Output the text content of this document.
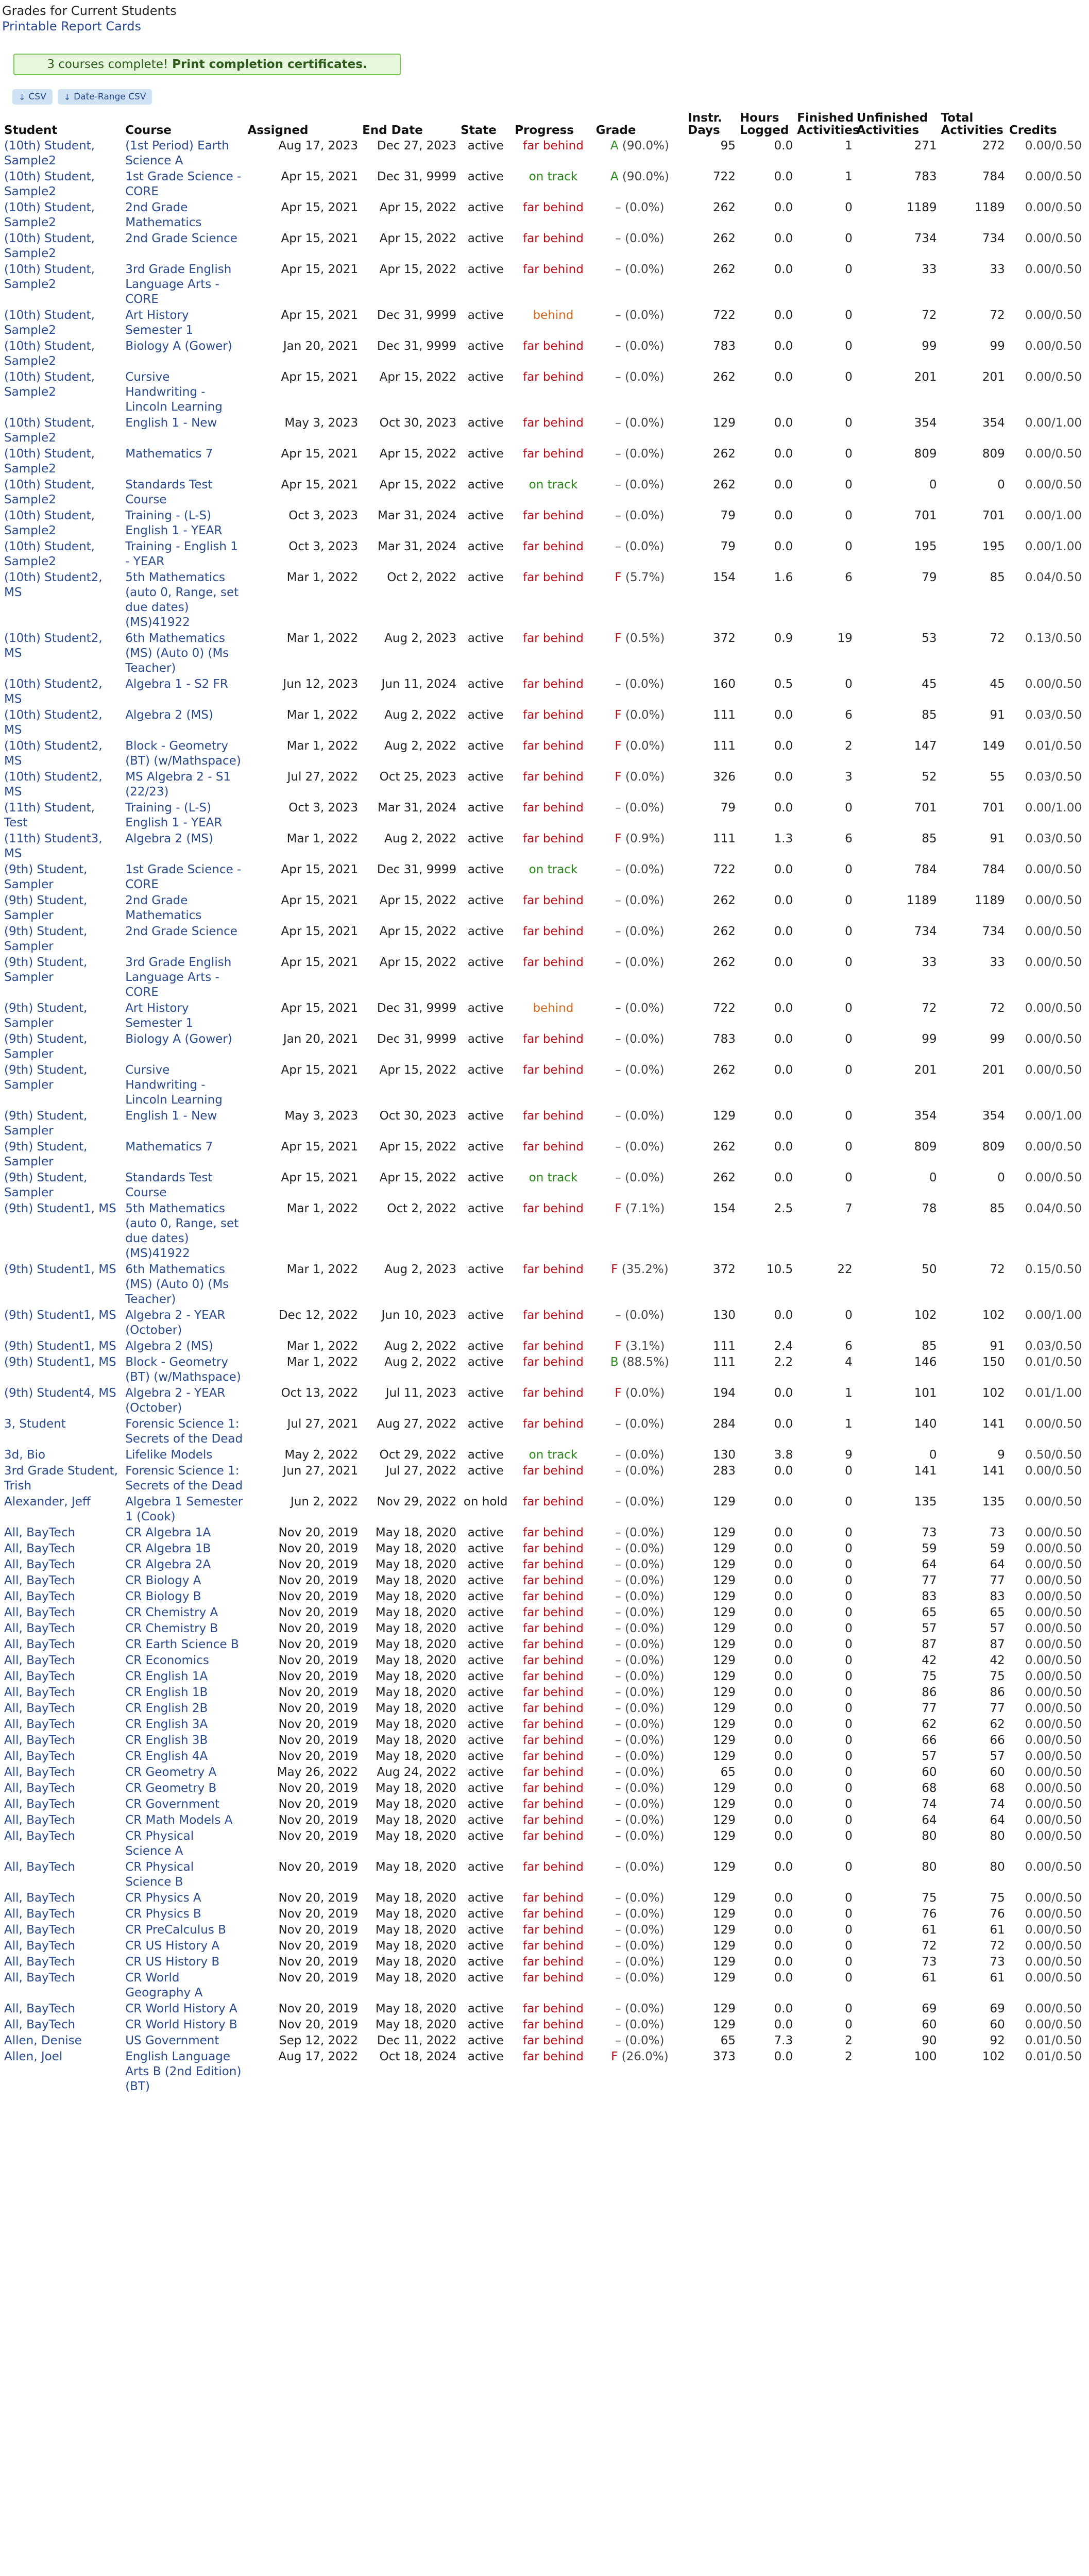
Grades for Current Students
Printable Report Cards
3 courses complete! Print completion certificates.
↓ CSV ↓ Date-Range CSV
Student	Course	Assigned	End Date	State	Progress	Grade	Instr. Days	Hours Logged	Finished Activities	Unfinished Activities	Total Activities	Credits
(10th) Student, Sample2	(1st Period) Earth Science A	Aug 17, 2023	Dec 27, 2023	active	far behind	A (90.0%)	95	0.0	1	271	272	0.00/0.50
(10th) Student, Sample2	1st Grade Science - CORE	Apr 15, 2021	Dec 31, 9999	active	on track	A (90.0%)	722	0.0	1	783	784	0.00/0.50
(10th) Student, Sample2	2nd Grade Mathematics	Apr 15, 2021	Apr 15, 2022	active	far behind	– (0.0%)	262	0.0	0	1189	1189	0.00/0.50
(10th) Student, Sample2	2nd Grade Science	Apr 15, 2021	Apr 15, 2022	active	far behind	– (0.0%)	262	0.0	0	734	734	0.00/0.50
(10th) Student, Sample2	3rd Grade English Language Arts - CORE	Apr 15, 2021	Apr 15, 2022	active	far behind	– (0.0%)	262	0.0	0	33	33	0.00/0.50
(10th) Student, Sample2	Art History Semester 1	Apr 15, 2021	Dec 31, 9999	active	behind	– (0.0%)	722	0.0	0	72	72	0.00/0.50
(10th) Student, Sample2	Biology A (Gower)	Jan 20, 2021	Dec 31, 9999	active	far behind	– (0.0%)	783	0.0	0	99	99	0.00/0.50
(10th) Student, Sample2	Cursive Handwriting - Lincoln Learning	Apr 15, 2021	Apr 15, 2022	active	far behind	– (0.0%)	262	0.0	0	201	201	0.00/0.50
(10th) Student, Sample2	English 1 - New	May 3, 2023	Oct 30, 2023	active	far behind	– (0.0%)	129	0.0	0	354	354	0.00/1.00
(10th) Student, Sample2	Mathematics 7	Apr 15, 2021	Apr 15, 2022	active	far behind	– (0.0%)	262	0.0	0	809	809	0.00/0.50
(10th) Student, Sample2	Standards Test Course	Apr 15, 2021	Apr 15, 2022	active	on track	– (0.0%)	262	0.0	0	0	0	0.00/0.50
(10th) Student, Sample2	Training - (L-S) English 1 - YEAR	Oct 3, 2023	Mar 31, 2024	active	far behind	– (0.0%)	79	0.0	0	701	701	0.00/1.00
(10th) Student, Sample2	Training - English 1 - YEAR	Oct 3, 2023	Mar 31, 2024	active	far behind	– (0.0%)	79	0.0	0	195	195	0.00/1.00
(10th) Student2, MS	5th Mathematics (auto 0, Range, set due dates) (MS)41922	Mar 1, 2022	Oct 2, 2022	active	far behind	F (5.7%)	154	1.6	6	79	85	0.04/0.50
(10th) Student2, MS	6th Mathematics (MS) (Auto 0) (Ms Teacher)	Mar 1, 2022	Aug 2, 2023	active	far behind	F (0.5%)	372	0.9	19	53	72	0.13/0.50
(10th) Student2, MS	Algebra 1 - S2 FR	Jun 12, 2023	Jun 11, 2024	active	far behind	– (0.0%)	160	0.5	0	45	45	0.00/0.50
(10th) Student2, MS	Algebra 2 (MS)	Mar 1, 2022	Aug 2, 2022	active	far behind	F (0.0%)	111	0.0	6	85	91	0.03/0.50
(10th) Student2, MS	Block - Geometry (BT) (w/Mathspace)	Mar 1, 2022	Aug 2, 2022	active	far behind	F (0.0%)	111	0.0	2	147	149	0.01/0.50
(10th) Student2, MS	MS Algebra 2 - S1 (22/23)	Jul 27, 2022	Oct 25, 2023	active	far behind	F (0.0%)	326	0.0	3	52	55	0.03/0.50
(11th) Student, Test	Training - (L-S) English 1 - YEAR	Oct 3, 2023	Mar 31, 2024	active	far behind	– (0.0%)	79	0.0	0	701	701	0.00/1.00
(11th) Student3, MS	Algebra 2 (MS)	Mar 1, 2022	Aug 2, 2022	active	far behind	F (0.9%)	111	1.3	6	85	91	0.03/0.50
(9th) Student, Sampler	1st Grade Science - CORE	Apr 15, 2021	Dec 31, 9999	active	on track	– (0.0%)	722	0.0	0	784	784	0.00/0.50
(9th) Student, Sampler	2nd Grade Mathematics	Apr 15, 2021	Apr 15, 2022	active	far behind	– (0.0%)	262	0.0	0	1189	1189	0.00/0.50
(9th) Student, Sampler	2nd Grade Science	Apr 15, 2021	Apr 15, 2022	active	far behind	– (0.0%)	262	0.0	0	734	734	0.00/0.50
(9th) Student, Sampler	3rd Grade English Language Arts - CORE	Apr 15, 2021	Apr 15, 2022	active	far behind	– (0.0%)	262	0.0	0	33	33	0.00/0.50
(9th) Student, Sampler	Art History Semester 1	Apr 15, 2021	Dec 31, 9999	active	behind	– (0.0%)	722	0.0	0	72	72	0.00/0.50
(9th) Student, Sampler	Biology A (Gower)	Jan 20, 2021	Dec 31, 9999	active	far behind	– (0.0%)	783	0.0	0	99	99	0.00/0.50
(9th) Student, Sampler	Cursive Handwriting - Lincoln Learning	Apr 15, 2021	Apr 15, 2022	active	far behind	– (0.0%)	262	0.0	0	201	201	0.00/0.50
(9th) Student, Sampler	English 1 - New	May 3, 2023	Oct 30, 2023	active	far behind	– (0.0%)	129	0.0	0	354	354	0.00/1.00
(9th) Student, Sampler	Mathematics 7	Apr 15, 2021	Apr 15, 2022	active	far behind	– (0.0%)	262	0.0	0	809	809	0.00/0.50
(9th) Student, Sampler	Standards Test Course	Apr 15, 2021	Apr 15, 2022	active	on track	– (0.0%)	262	0.0	0	0	0	0.00/0.50
(9th) Student1, MS	5th Mathematics (auto 0, Range, set due dates) (MS)41922	Mar 1, 2022	Oct 2, 2022	active	far behind	F (7.1%)	154	2.5	7	78	85	0.04/0.50
(9th) Student1, MS	6th Mathematics (MS) (Auto 0) (Ms Teacher)	Mar 1, 2022	Aug 2, 2023	active	far behind	F (35.2%)	372	10.5	22	50	72	0.15/0.50
(9th) Student1, MS	Algebra 2 - YEAR (October)	Dec 12, 2022	Jun 10, 2023	active	far behind	– (0.0%)	130	0.0	0	102	102	0.00/1.00
(9th) Student1, MS	Algebra 2 (MS)	Mar 1, 2022	Aug 2, 2022	active	far behind	F (3.1%)	111	2.4	6	85	91	0.03/0.50
(9th) Student1, MS	Block - Geometry (BT) (w/Mathspace)	Mar 1, 2022	Aug 2, 2022	active	far behind	B (88.5%)	111	2.2	4	146	150	0.01/0.50
(9th) Student4, MS	Algebra 2 - YEAR (October)	Oct 13, 2022	Jul 11, 2023	active	far behind	F (0.0%)	194	0.0	1	101	102	0.01/1.00
3, Student	Forensic Science 1: Secrets of the Dead	Jul 27, 2021	Aug 27, 2022	active	far behind	– (0.0%)	284	0.0	1	140	141	0.00/0.50
3d, Bio	Lifelike Models	May 2, 2022	Oct 29, 2022	active	on track	– (0.0%)	130	3.8	9	0	9	0.50/0.50
3rd Grade Student, Trish	Forensic Science 1: Secrets of the Dead	Jun 27, 2021	Jul 27, 2022	active	far behind	– (0.0%)	283	0.0	0	141	141	0.00/0.50
Alexander, Jeff	Algebra 1 Semester 1 (Cook)	Jun 2, 2022	Nov 29, 2022	on hold	far behind	– (0.0%)	129	0.0	0	135	135	0.00/0.50
All, BayTech	CR Algebra 1A	Nov 20, 2019	May 18, 2020	active	far behind	– (0.0%)	129	0.0	0	73	73	0.00/0.50
All, BayTech	CR Algebra 1B	Nov 20, 2019	May 18, 2020	active	far behind	– (0.0%)	129	0.0	0	59	59	0.00/0.50
All, BayTech	CR Algebra 2A	Nov 20, 2019	May 18, 2020	active	far behind	– (0.0%)	129	0.0	0	64	64	0.00/0.50
All, BayTech	CR Biology A	Nov 20, 2019	May 18, 2020	active	far behind	– (0.0%)	129	0.0	0	77	77	0.00/0.50
All, BayTech	CR Biology B	Nov 20, 2019	May 18, 2020	active	far behind	– (0.0%)	129	0.0	0	83	83	0.00/0.50
All, BayTech	CR Chemistry A	Nov 20, 2019	May 18, 2020	active	far behind	– (0.0%)	129	0.0	0	65	65	0.00/0.50
All, BayTech	CR Chemistry B	Nov 20, 2019	May 18, 2020	active	far behind	– (0.0%)	129	0.0	0	57	57	0.00/0.50
All, BayTech	CR Earth Science B	Nov 20, 2019	May 18, 2020	active	far behind	– (0.0%)	129	0.0	0	87	87	0.00/0.50
All, BayTech	CR Economics	Nov 20, 2019	May 18, 2020	active	far behind	– (0.0%)	129	0.0	0	42	42	0.00/0.50
All, BayTech	CR English 1A	Nov 20, 2019	May 18, 2020	active	far behind	– (0.0%)	129	0.0	0	75	75	0.00/0.50
All, BayTech	CR English 1B	Nov 20, 2019	May 18, 2020	active	far behind	– (0.0%)	129	0.0	0	86	86	0.00/0.50
All, BayTech	CR English 2B	Nov 20, 2019	May 18, 2020	active	far behind	– (0.0%)	129	0.0	0	77	77	0.00/0.50
All, BayTech	CR English 3A	Nov 20, 2019	May 18, 2020	active	far behind	– (0.0%)	129	0.0	0	62	62	0.00/0.50
All, BayTech	CR English 3B	Nov 20, 2019	May 18, 2020	active	far behind	– (0.0%)	129	0.0	0	66	66	0.00/0.50
All, BayTech	CR English 4A	Nov 20, 2019	May 18, 2020	active	far behind	– (0.0%)	129	0.0	0	57	57	0.00/0.50
All, BayTech	CR Geometry A	May 26, 2022	Aug 24, 2022	active	far behind	– (0.0%)	65	0.0	0	60	60	0.00/0.50
All, BayTech	CR Geometry B	Nov 20, 2019	May 18, 2020	active	far behind	– (0.0%)	129	0.0	0	68	68	0.00/0.50
All, BayTech	CR Government	Nov 20, 2019	May 18, 2020	active	far behind	– (0.0%)	129	0.0	0	74	74	0.00/0.50
All, BayTech	CR Math Models A	Nov 20, 2019	May 18, 2020	active	far behind	– (0.0%)	129	0.0	0	64	64	0.00/0.50
All, BayTech	CR Physical Science A	Nov 20, 2019	May 18, 2020	active	far behind	– (0.0%)	129	0.0	0	80	80	0.00/0.50
All, BayTech	CR Physical Science B	Nov 20, 2019	May 18, 2020	active	far behind	– (0.0%)	129	0.0	0	80	80	0.00/0.50
All, BayTech	CR Physics A	Nov 20, 2019	May 18, 2020	active	far behind	– (0.0%)	129	0.0	0	75	75	0.00/0.50
All, BayTech	CR Physics B	Nov 20, 2019	May 18, 2020	active	far behind	– (0.0%)	129	0.0	0	76	76	0.00/0.50
All, BayTech	CR PreCalculus B	Nov 20, 2019	May 18, 2020	active	far behind	– (0.0%)	129	0.0	0	61	61	0.00/0.50
All, BayTech	CR US History A	Nov 20, 2019	May 18, 2020	active	far behind	– (0.0%)	129	0.0	0	72	72	0.00/0.50
All, BayTech	CR US History B	Nov 20, 2019	May 18, 2020	active	far behind	– (0.0%)	129	0.0	0	73	73	0.00/0.50
All, BayTech	CR World Geography A	Nov 20, 2019	May 18, 2020	active	far behind	– (0.0%)	129	0.0	0	61	61	0.00/0.50
All, BayTech	CR World History A	Nov 20, 2019	May 18, 2020	active	far behind	– (0.0%)	129	0.0	0	69	69	0.00/0.50
All, BayTech	CR World History B	Nov 20, 2019	May 18, 2020	active	far behind	– (0.0%)	129	0.0	0	60	60	0.00/0.50
Allen, Denise	US Government	Sep 12, 2022	Dec 11, 2022	active	far behind	– (0.0%)	65	7.3	2	90	92	0.01/0.50
Allen, Joel	English Language Arts B (2nd Edition) (BT)	Aug 17, 2022	Oct 18, 2024	active	far behind	F (26.0%)	373	0.0	2	100	102	0.01/0.50
